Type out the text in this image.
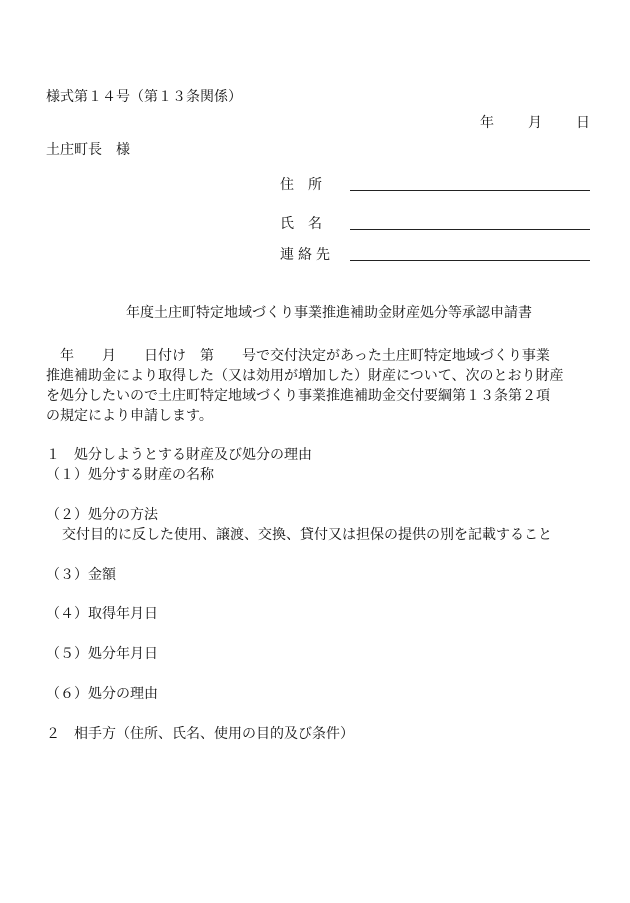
様式第１４号（第１３条関係）
年 月 日
土庄町長　様
住　所
氏　名
連絡先
年度土庄町特定地域づくり事業推進補助金財産処分等承認申請書
年　　月　　日付け　第　　号で交付決定があった土庄町特定地域づくり事業
推進補助金により取得した（又は効用が増加した）財産について、次のとおり財産
を処分したいので土庄町特定地域づくり事業推進補助金交付要綱第１３条第２項
の規定により申請します。
１　処分しようとする財産及び処分の理由
（１）処分する財産の名称
（２）処分の方法
交付目的に反した使用、譲渡、交換、貸付又は担保の提供の別を記載すること
（３）金額
（４）取得年月日
（５）処分年月日
（６）処分の理由
２　相手方（住所、氏名、使用の目的及び条件）
